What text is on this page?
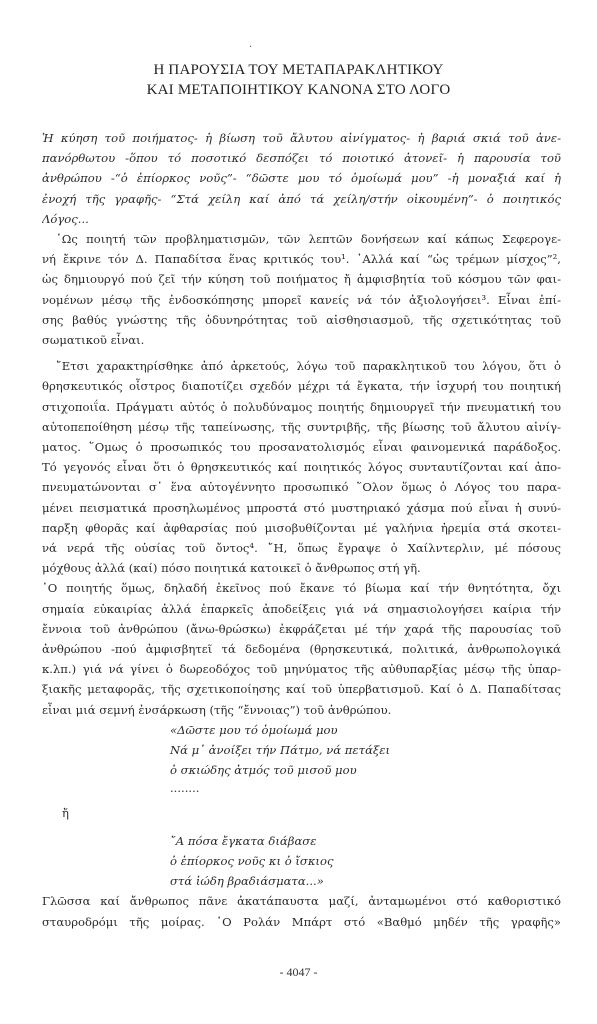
·
Η ΠΑΡΟΥΣΙΑ ΤΟΥ ΜΕΤΑΠΑΡΑΚΛΗΤΙΚΟΥ
ΚΑΙ ΜΕΤΑΠΟΙΗΤΙΚΟΥ ΚΑΝΟΝΑ ΣΤΟ ΛΟΓΟ
Ἡ κύηση τοῦ ποιήματος- ἡ βίωση τοῦ ἄλυτου αἰνίγματος- ἡ βαριά σκιά τοῦ ἀνε-
πανόρθωτου -ὅπου τό ποσοτικό δεσπόζει τό ποιοτικό ἀτονεῖ- ἡ παρουσία τοῦ
ἀνθρώπου -“ὁ ἐπίορκος νοῦς”- “δῶστε μου τό ὁμοίωμά μου” -ἡ μοναξιά καί ἡ
ἐνοχή τῆς γραφῆς- “Στά χείλη καί ἀπό τά χείλη/στήν οἰκουμένη”- ὁ ποιητικός
Λόγος...
῾Ως ποιητή τῶν προβληματισμῶν, τῶν λεπτῶν δονήσεων καί κάπως Σεφερογε-
νή ἔκρινε τόν Δ. Παπαδίτσα ἕνας κριτικός του¹. ῾Αλλά καί “ὡς τρέμων μίσχος”²,
ὡς δημιουργό πού ζεῖ τήν κύηση τοῦ ποιήματος ἤ ἀμφισβητία τοῦ κόσμου τῶν φαι-
νομένων μέσῳ τῆς ἐνδοσκόπησης μπορεῖ κανείς νά τόν ἀξιολογήσει³. Εἶναι ἐπί-
σης βαθύς γνώστης τῆς ὀδυνηρότητας τοῦ αἰσθησιασμοῦ, τῆς σχετικότητας τοῦ
σωματικοῦ εἶναι.
῎Ετσι χαρακτηρίσθηκε ἀπό ἀρκετούς, λόγω τοῦ παρακλητικοῦ του λόγου, ὅτι ὁ
θρησκευτικός οἶστρος διαποτίζει σχεδόν μέχρι τά ἔγκατα, τήν ἰσχυρή του ποιητική
στιχοποιΐα. Πράγματι αὐτός ὁ πολυδύναμος ποιητής δημιουργεῖ τήν πνευματική του
αὐτοπεποίθηση μέσῳ τῆς ταπείνωσης, τῆς συντριβῆς, τῆς βίωσης τοῦ ἄλυτου αἰνίγ-
ματος. ῞Ομως ὁ προσωπικός του προσανατολισμός εἶναι φαινομενικά παράδοξος.
Τό γεγονός εἶναι ὅτι ὁ θρησκευτικός καί ποιητικός λόγος συνταυτίζονται καί ἀπο-
πνευματώνονται σ᾽ ἕνα αὐτογέννητο προσωπικό ῞Ολον ὅμως ὁ Λόγος του παρα-
μένει πεισματικά προσηλωμένος μπροστά στό μυστηριακό χάσμα πού εἶναι ἡ συνύ-
παρξη φθορᾶς καί ἀφθαρσίας πού μισοβυθίζονται μέ γαλήνια ἠρεμία στά σκοτει-
νά νερά τῆς οὐσίας τοῦ ὄντος⁴. ῎Η, ὅπως ἔγραψε ὁ Χαίλντερλιν, μέ πόσους
μόχθους ἀλλά (καί) πόσο ποιητικά κατοικεῖ ὁ ἄνθρωπος στή γῆ.
῾Ο ποιητής ὅμως, δηλαδή ἐκεῖνος πού ἔκανε τό βίωμα καί τήν θνητότητα, ὄχι
σημαία εὐκαιρίας ἀλλά ἐπαρκεῖς ἀποδείξεις γιά νά σημασιολογήσει καίρια τήν
ἔννοια τοῦ ἀνθρώπου (ἄνω-θρώσκω) ἐκφράζεται μέ τήν χαρά τῆς παρουσίας τοῦ
ἀνθρώπου -πού ἀμφισβητεῖ τά δεδομένα (θρησκευτικά, πολιτικά, ἀνθρωπολογικά
κ.λπ.) γιά νά γίνει ὁ δωρεοδόχος τοῦ μηνύματος τῆς αὐθυπαρξίας μέσῳ τῆς ὑπαρ-
ξιακῆς μεταφορᾶς, τῆς σχετικοποίησης καί τοῦ ὑπερβατισμοῦ. Καί ὁ Δ. Παπαδίτσας
εἶναι μιά σεμνή ἐνσάρκωση (τῆς “ἔννοιας”) τοῦ ἀνθρώπου.
«Δῶστε μου τό ὁμοίωμά μου
Νά μ᾽ ἀνοίξει τήν Πάτμο, νά πετάξει
ὁ σκιώδης ἀτμός τοῦ μισοῦ μου
........
ἤ
῎Α πόσα ἔγκατα διάβασε
ὁ ἐπίορκος νοῦς κι ὁ ἴσκιος
στά ἰώδη βραδιάσματα...»
Γλῶσσα καί ἄνθρωπος πᾶνε ἀκατάπαυστα μαζί, ἀνταμωμένοι στό καθοριστικό
σταυροδρόμι τῆς μοίρας. ῾Ο Ρολάν Μπάρτ στό «Βαθμό μηδέν τῆς γραφῆς»
- 4047 -
